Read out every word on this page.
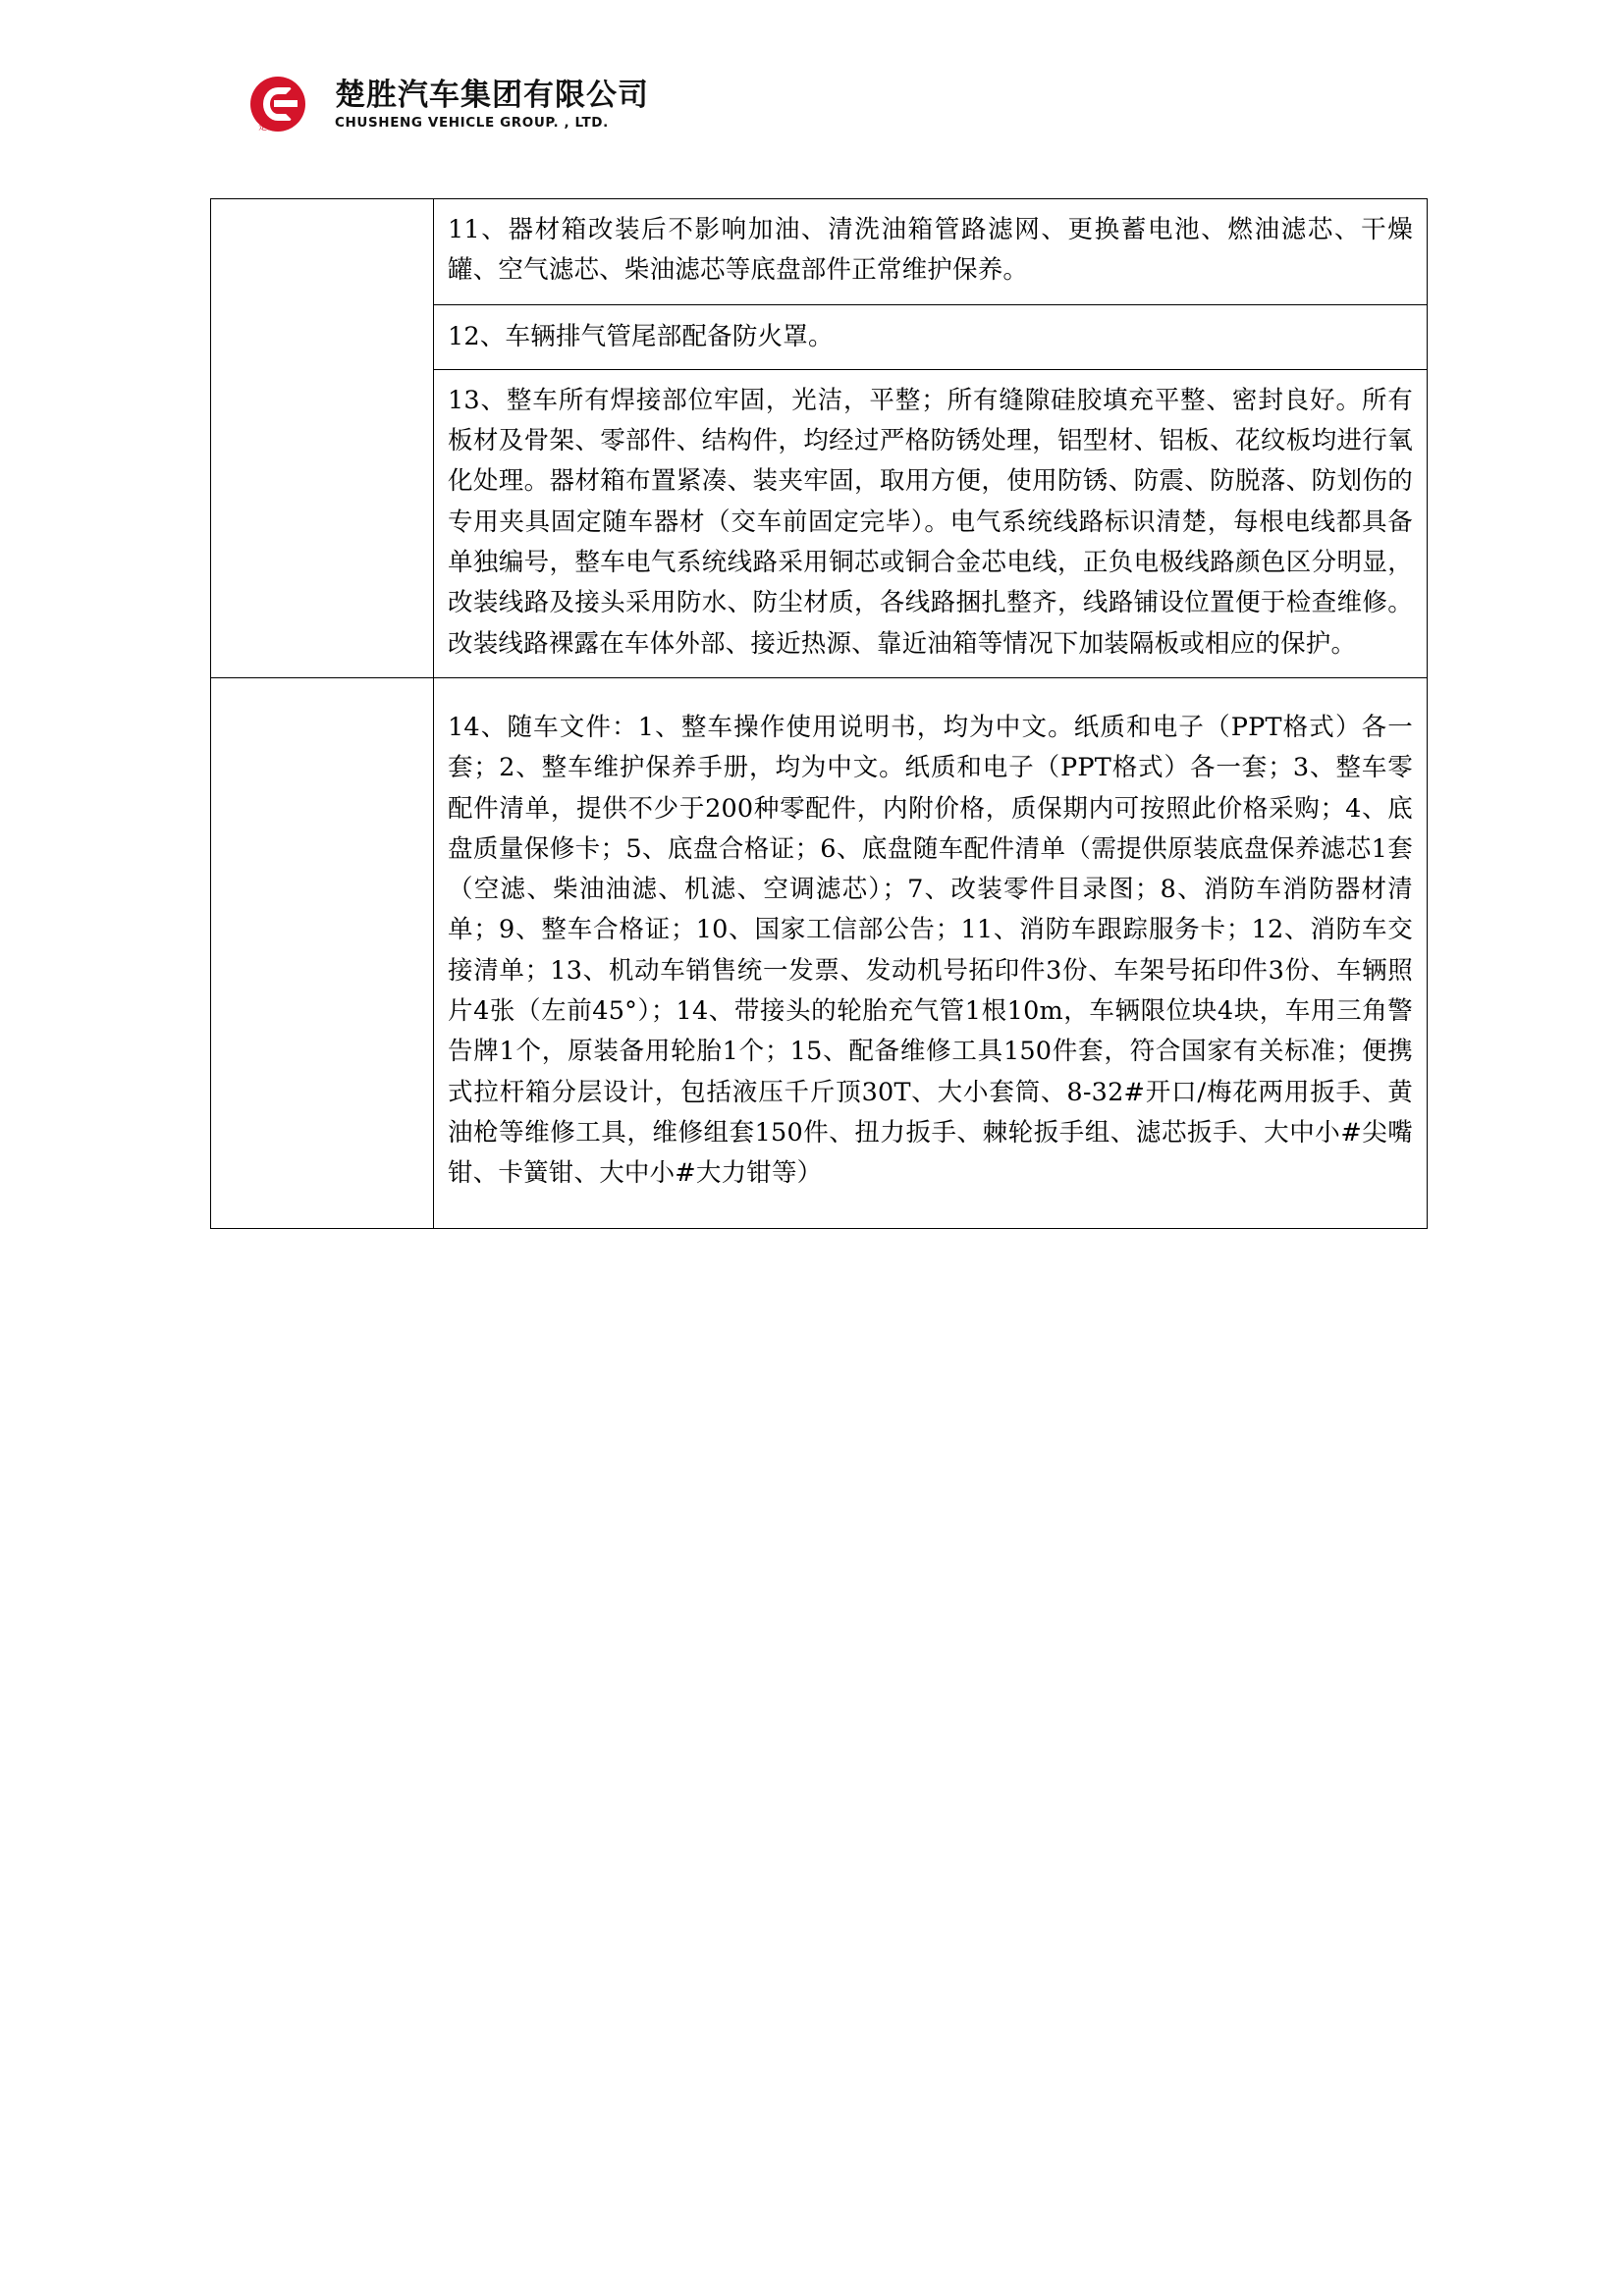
楚胜
楚胜汽车集团有限公司
CHUSHENG VEHICLE GROUP. , LTD.

	11、器材箱改装后不影响加油、清洗油箱管路滤网、更换蓄电池、燃油滤芯、干燥罐、空气滤芯、柴油滤芯等底盘部件正常维护保养。

	12、车辆排气管尾部配备防火罩。

	13、整车所有焊接部位牢固，光洁，平整；所有缝隙硅胶填充平整、密封良好。所有板材及骨架、零部件、结构件，均经过严格防锈处理，铝型材、铝板、花纹板均进行氧化处理。器材箱布置紧凑、装夹牢固，取用方便，使用防锈、防震、防脱落、防划伤的专用夹具固定随车器材（交车前固定完毕）。电气系统线路标识清楚，每根电线都具备单独编号，整车电气系统线路采用铜芯或铜合金芯电线，正负电极线路颜色区分明显，改装线路及接头采用防水、防尘材质，各线路捆扎整齐，线路铺设位置便于检查维修。改装线路裸露在车体外部、接近热源、靠近油箱等情况下加装隔板或相应的保护。

	14、随车文件：1、整车操作使用说明书，均为中文。纸质和电子（PPT格式）各一套；2、整车维护保养手册，均为中文。纸质和电子（PPT格式）各一套；3、整车零配件清单，提供不少于200种零配件，内附价格，质保期内可按照此价格采购；4、底盘质量保修卡；5、底盘合格证；6、底盘随车配件清单（需提供原装底盘保养滤芯1套（空滤、柴油油滤、机滤、空调滤芯）；7、改装零件目录图；8、消防车消防器材清单；9、整车合格证；10、国家工信部公告；11、消防车跟踪服务卡；12、消防车交接清单；13、机动车销售统一发票、发动机号拓印件3份、车架号拓印件3份、车辆照片4张（左前45°）；14、带接头的轮胎充气管1根10m，车辆限位块4块，车用三角警告牌1个，原装备用轮胎1个；15、配备维修工具150件套，符合国家有关标准；便携式拉杆箱分层设计，包括液压千斤顶30T、大小套筒、8-32#开口/梅花两用扳手、黄油枪等维修工具，维修组套150件、扭力扳手、棘轮扳手组、滤芯扳手、大中小#尖嘴钳、卡簧钳、大中小#大力钳等）
